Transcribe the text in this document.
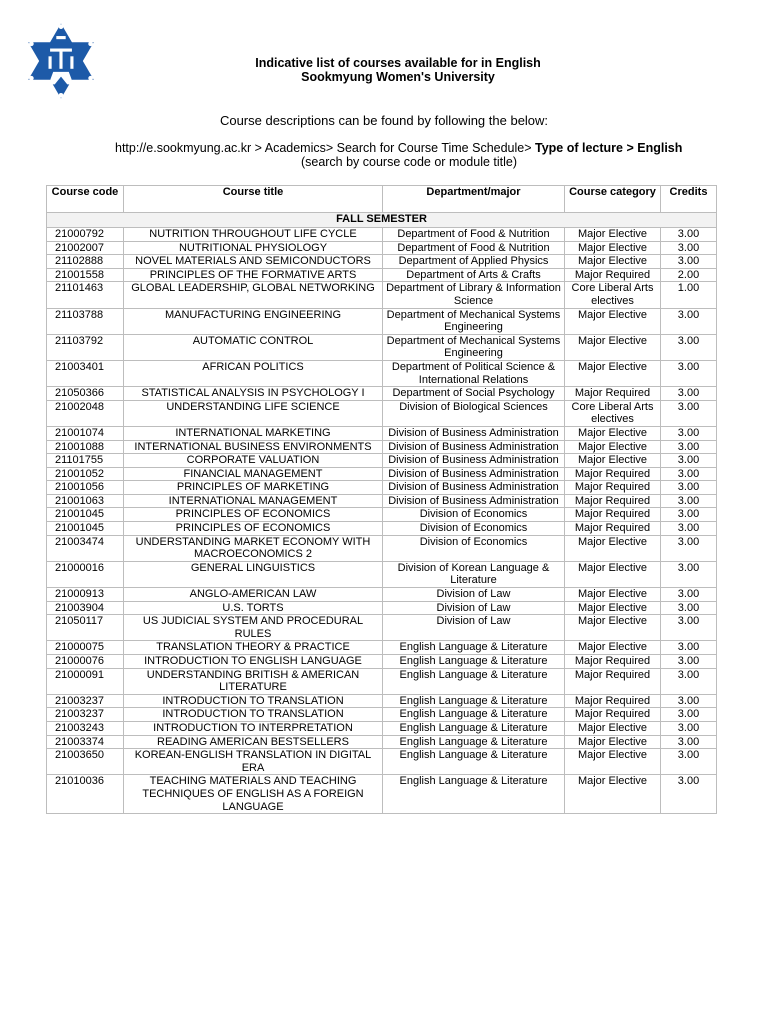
Indicative list of courses available for in English
Sookmyung Women's University
Course descriptions can be found by following the below:
http://e.sookmyung.ac.kr > Academics> Search for Course Time Schedule> Type of lecture > English
(search by course code or module title)
Course code	Course title	Department/major	Course category	Credits
FALL SEMESTER				
21000792	NUTRITION THROUGHOUT LIFE CYCLE	Department of Food & Nutrition	Major Elective	3.00
21002007	NUTRITIONAL PHYSIOLOGY	Department of Food & Nutrition	Major Elective	3.00
21102888	NOVEL MATERIALS AND SEMICONDUCTORS	Department of Applied Physics	Major Elective	3.00
21001558	PRINCIPLES OF THE FORMATIVE ARTS	Department of Arts & Crafts	Major Required	2.00
21101463	GLOBAL LEADERSHIP, GLOBAL NETWORKING	Department of Library & Information Science	Core Liberal Arts electives	1.00
21103788	MANUFACTURING ENGINEERING	Department of Mechanical Systems Engineering	Major Elective	3.00
21103792	AUTOMATIC CONTROL	Department of Mechanical Systems Engineering	Major Elective	3.00
21003401	AFRICAN POLITICS	Department of Political Science & International Relations	Major Elective	3.00
21050366	STATISTICAL ANALYSIS IN PSYCHOLOGY I	Department of Social Psychology	Major Required	3.00
21002048	UNDERSTANDING LIFE SCIENCE	Division of Biological Sciences	Core Liberal Arts electives	3.00
21001074	INTERNATIONAL MARKETING	Division of Business Administration	Major Elective	3.00
21001088	INTERNATIONAL BUSINESS ENVIRONMENTS	Division of Business Administration	Major Elective	3.00
21101755	CORPORATE VALUATION	Division of Business Administration	Major Elective	3.00
21001052	FINANCIAL MANAGEMENT	Division of Business Administration	Major Required	3.00
21001056	PRINCIPLES OF MARKETING	Division of Business Administration	Major Required	3.00
21001063	INTERNATIONAL MANAGEMENT	Division of Business Administration	Major Required	3.00
21001045	PRINCIPLES OF ECONOMICS	Division of Economics	Major Required	3.00
21001045	PRINCIPLES OF ECONOMICS	Division of Economics	Major Required	3.00
21003474	UNDERSTANDING MARKET ECONOMY WITH MACROECONOMICS 2	Division of Economics	Major Elective	3.00
21000016	GENERAL LINGUISTICS	Division of Korean Language & Literature	Major Elective	3.00
21000913	ANGLO-AMERICAN LAW	Division of Law	Major Elective	3.00
21003904	U.S. TORTS	Division of Law	Major Elective	3.00
21050117	US JUDICIAL SYSTEM AND PROCEDURAL RULES	Division of Law	Major Elective	3.00
21000075	TRANSLATION THEORY & PRACTICE	English Language & Literature	Major Elective	3.00
21000076	INTRODUCTION TO ENGLISH LANGUAGE	English Language & Literature	Major Required	3.00
21000091	UNDERSTANDING BRITISH & AMERICAN LITERATURE	English Language & Literature	Major Required	3.00
21003237	INTRODUCTION TO TRANSLATION	English Language & Literature	Major Required	3.00
21003237	INTRODUCTION TO TRANSLATION	English Language & Literature	Major Required	3.00
21003243	INTRODUCTION TO INTERPRETATION	English Language & Literature	Major Elective	3.00
21003374	READING AMERICAN BESTSELLERS	English Language & Literature	Major Elective	3.00
21003650	KOREAN-ENGLISH TRANSLATION IN DIGITAL ERA	English Language & Literature	Major Elective	3.00
21010036	TEACHING MATERIALS AND TEACHING TECHNIQUES OF ENGLISH AS A FOREIGN LANGUAGE	English Language & Literature	Major Elective	3.00
